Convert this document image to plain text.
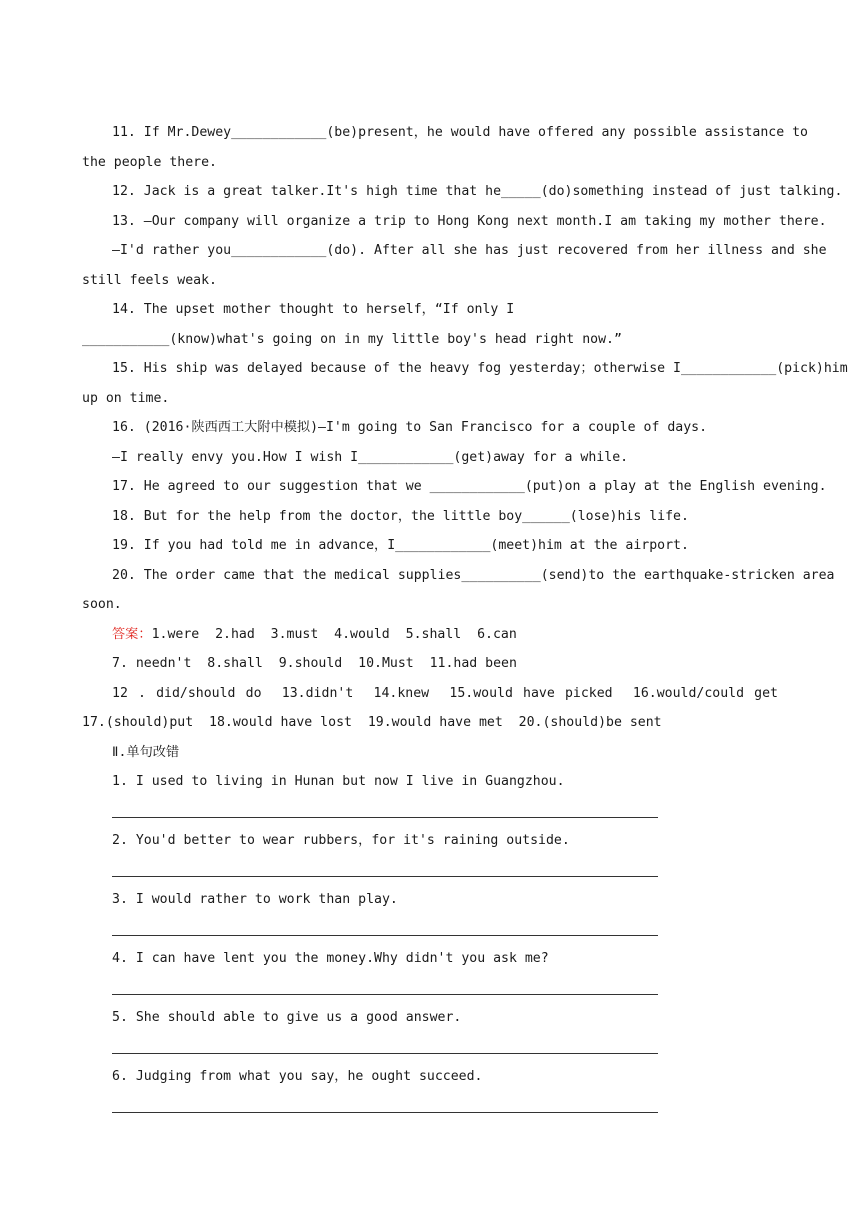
11. If Mr.Dewey____________(be)present，he would have offered any possible assistance to
the people there.
12. Jack is a great talker.It's high time that he_____(do)something instead of just talking.
13. —Our company will organize a trip to Hong Kong next month.I am taking my mother there.
—I'd rather you____________(do). After all she has just recovered from her illness and she
still feels weak.
14. The upset mother thought to herself，“If only I
___________(know)what's going on in my little boy's head right now.”
15. His ship was delayed because of the heavy fog yesterday；otherwise I____________(pick)him
up on time.
16. (2016·陕西西工大附中模拟)—I'm going to San Francisco for a couple of days.
—I really envy you.How I wish I____________(get)away for a while.
17. He agreed to our suggestion that we ____________(put)on a play at the English evening.
18. But for the help from the doctor，the little boy______(lose)his life.
19. If you had told me in advance，I____________(meet)him at the airport.
20. The order came that the medical supplies__________(send)to the earthquake-stricken area
soon.
答案：1.were  2.had  3.must  4.would  5.shall  6.can
7. needn't  8.shall  9.should  10.Must  11.had been
12 . did/should do  13.didn't  14.knew  15.would have picked  16.would/could get
17.(should)put  18.would have lost  19.would have met  20.(should)be sent
Ⅱ.单句改错
1. I used to living in Hunan but now I live in Guangzhou.
2. You'd better to wear rubbers，for it's raining outside.
3. I would rather to work than play.
4. I can have lent you the money.Why didn't you ask me?
5. She should able to give us a good answer.
6. Judging from what you say，he ought succeed.
